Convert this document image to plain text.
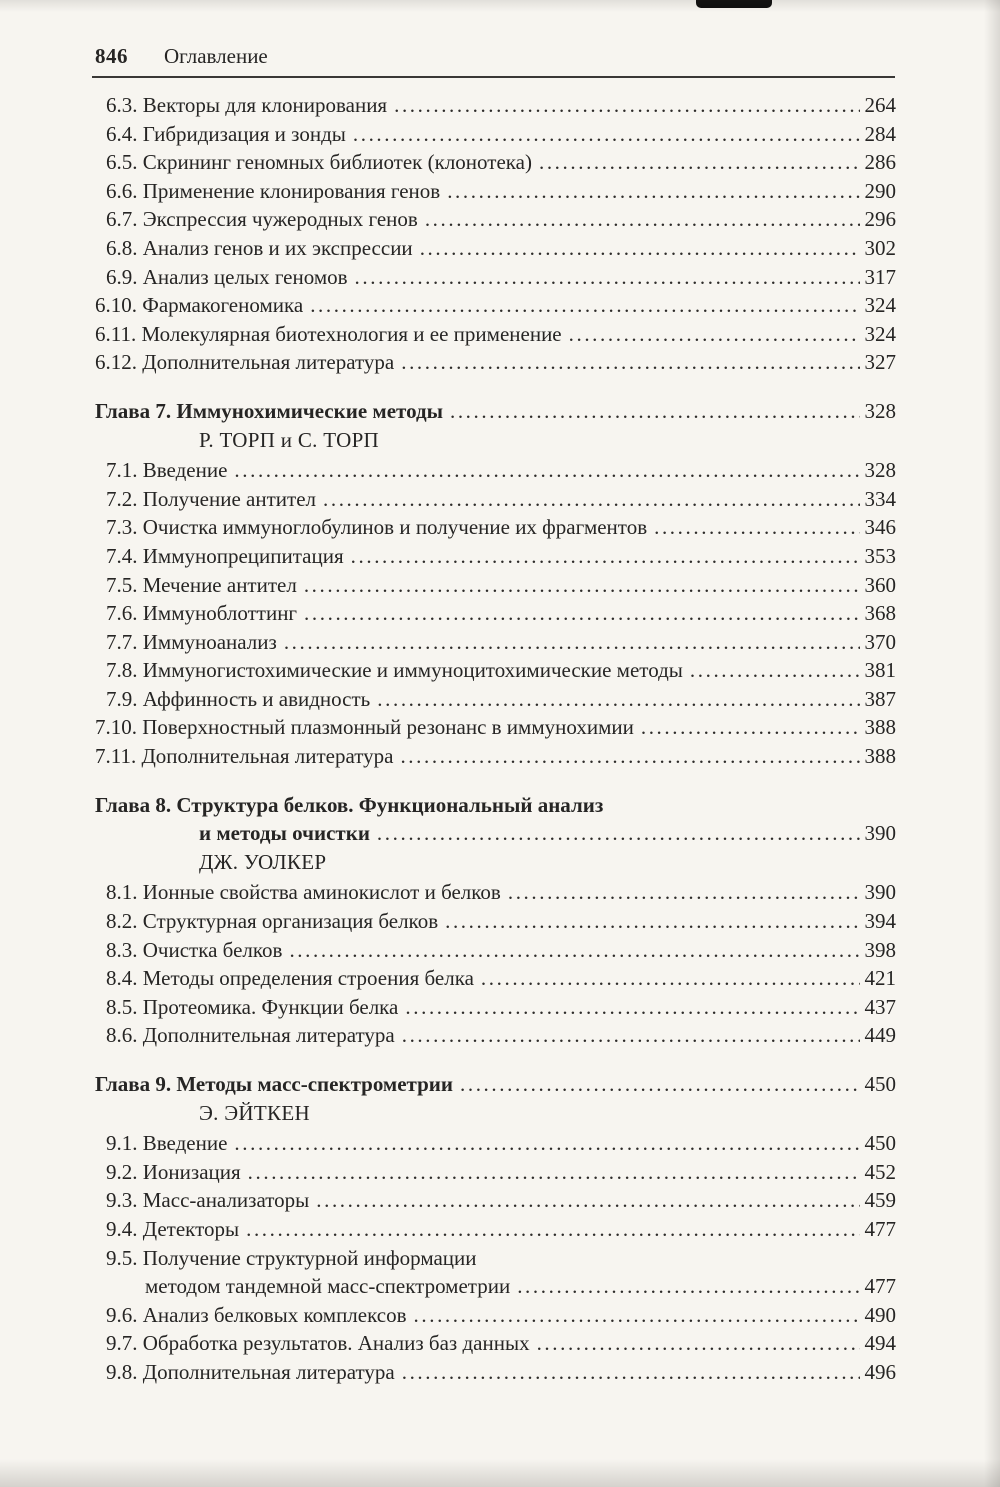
846 Оглавление
6.3. Векторы для клонирования .....	264
6.4. Гибридизация и зонды .....	284
6.5. Скрининг геномных библиотек (клонотека) .....	286
6.6. Применение клонирования генов .....	290
6.7. Экспрессия чужеродных генов .....	296
6.8. Анализ генов и их экспрессии .....	302
6.9. Анализ целых геномов .....	317
6.10. Фармакогеномика .....	324
6.11. Молекулярная биотехнология и ее применение .....	324
6.12. Дополнительная литература .....	327
Глава 7. Иммунохимические методы .....	328
Р. ТОРП и С. ТОРП
7.1. Введение .....	328
7.2. Получение антител .....	334
7.3. Очистка иммуноглобулинов и получение их фрагментов .....	346
7.4. Иммунопреципитация .....	353
7.5. Мечение антител .....	360
7.6. Иммуноблоттинг .....	368
7.7. Иммуноанализ .....	370
7.8. Иммуногистохимические и иммуноцитохимические методы .....	381
7.9. Аффинность и авидность .....	387
7.10. Поверхностный плазмонный резонанс в иммунохимии .....	388
7.11. Дополнительная литература .....	388
Глава 8. Структура белков. Функциональный анализ
и методы очистки .....	390
ДЖ. УОЛКЕР
8.1. Ионные свойства аминокислот и белков .....	390
8.2. Структурная организация белков .....	394
8.3. Очистка белков .....	398
8.4. Методы определения строения белка .....	421
8.5. Протеомика. Функции белка .....	437
8.6. Дополнительная литература .....	449
Глава 9. Методы масс-спектрометрии .....	450
Э. ЭЙТКЕН
9.1. Введение .....	450
9.2. Ионизация .....	452
9.3. Масс-анализаторы .....	459
9.4. Детекторы .....	477
9.5. Получение структурной информации
методом тандемной масс-спектрометрии .....	477
9.6. Анализ белковых комплексов .....	490
9.7. Обработка результатов. Анализ баз данных .....	494
9.8. Дополнительная литература .....	496
